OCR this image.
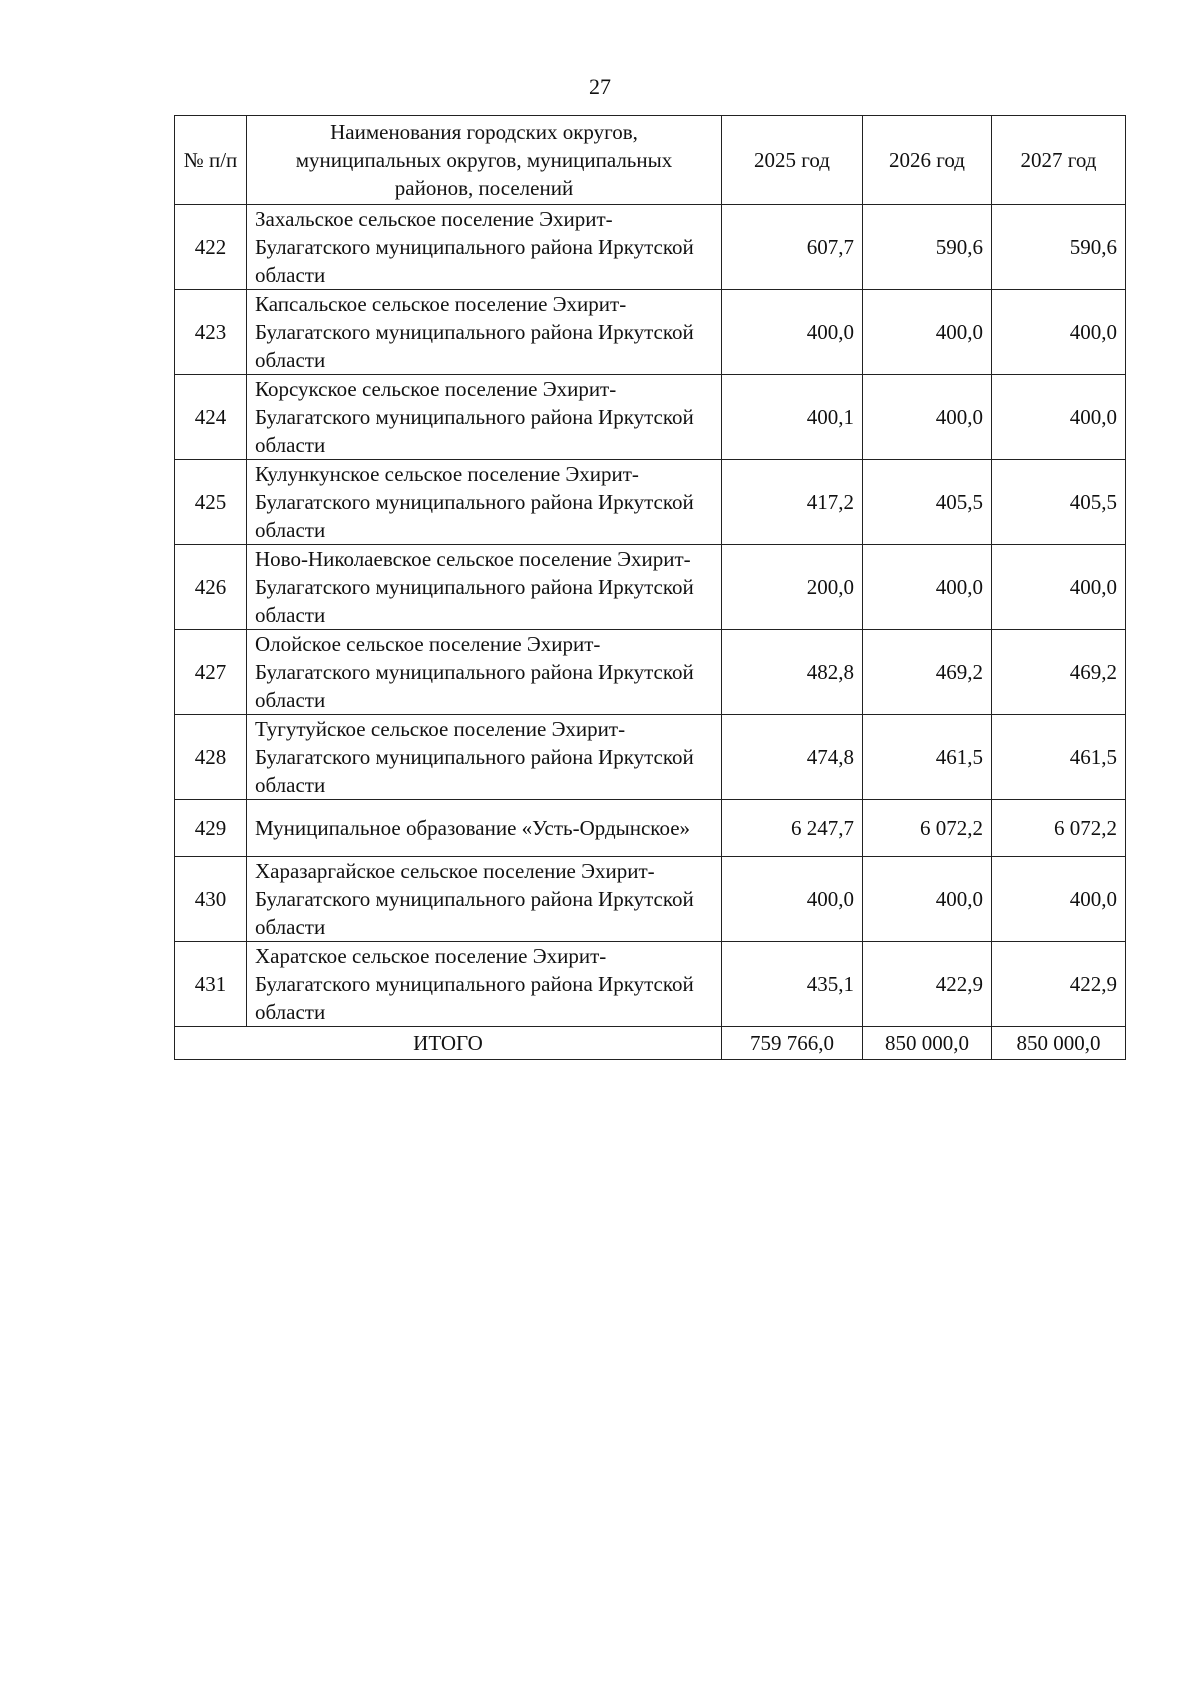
27
№ п/п	Наименования городских округов, муниципальных округов, муниципальных районов, поселений	2025 год	2026 год	2027 год
422	Захальское сельское поселение Эхирит-Булагатского муниципального района Иркутской области	607,7	590,6	590,6
423	Капсальское сельское поселение Эхирит-Булагатского муниципального района Иркутской области	400,0	400,0	400,0
424	Корсукское сельское поселение Эхирит-Булагатского муниципального района Иркутской области	400,1	400,0	400,0
425	Кулункунское сельское поселение Эхирит-Булагатского муниципального района Иркутской области	417,2	405,5	405,5
426	Ново-Николаевское сельское поселение Эхирит-Булагатского муниципального района Иркутской области	200,0	400,0	400,0
427	Олойское сельское поселение Эхирит-Булагатского муниципального района Иркутской области	482,8	469,2	469,2
428	Тугутуйское сельское поселение Эхирит-Булагатского муниципального района Иркутской области	474,8	461,5	461,5
429	Муниципальное образование «Усть-Ордынское»	6 247,7	6 072,2	6 072,2
430	Харазаргайское сельское поселение Эхирит-Булагатского муниципального района Иркутской области	400,0	400,0	400,0
431	Харатское сельское поселение Эхирит-Булагатского муниципального района Иркутской области	435,1	422,9	422,9
ИТОГО		759 766,0	850 000,0	850 000,0
